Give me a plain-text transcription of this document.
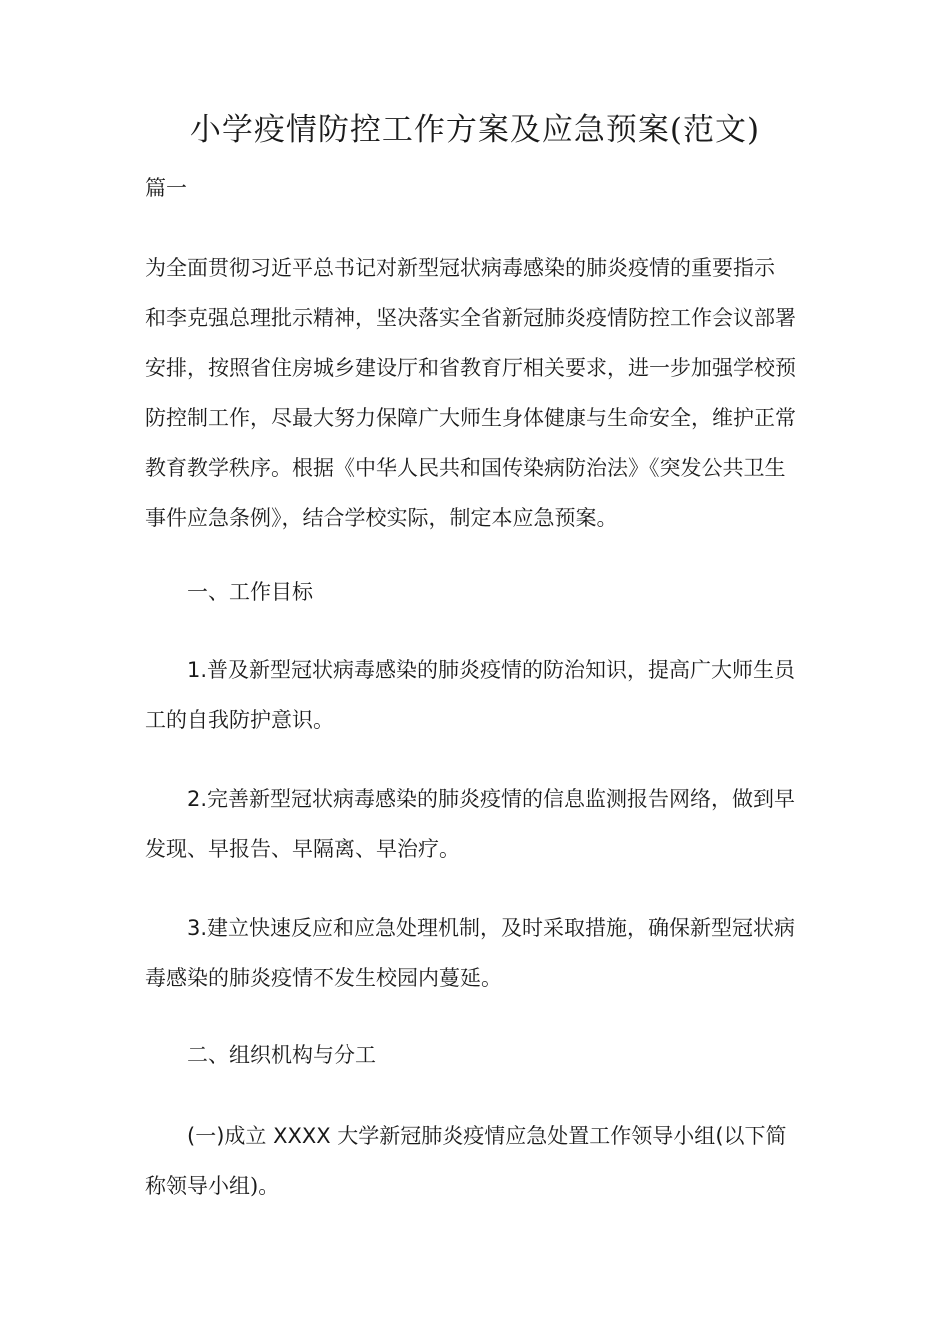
小学疫情防控工作方案及应急预案(范文)
篇一
为全面贯彻习近平总书记对新型冠状病毒感染的肺炎疫情的重要指示
和李克强总理批示精神，坚决落实全省新冠肺炎疫情防控工作会议部署
安排，按照省住房城乡建设厅和省教育厅相关要求，进一步加强学校预
防控制工作，尽最大努力保障广大师生身体健康与生命安全，维护正常
教育教学秩序。根据《中华人民共和国传染病防治法》《突发公共卫生
事件应急条例》，结合学校实际，制定本应急预案。
一、工作目标
1.普及新型冠状病毒感染的肺炎疫情的防治知识，提高广大师生员
工的自我防护意识。
2.完善新型冠状病毒感染的肺炎疫情的信息监测报告网络，做到早
发现、早报告、早隔离、早治疗。
3.建立快速反应和应急处理机制，及时采取措施，确保新型冠状病
毒感染的肺炎疫情不发生校园内蔓延。
二、组织机构与分工
(一)成立 XXXX 大学新冠肺炎疫情应急处置工作领导小组(以下简
称领导小组)。
